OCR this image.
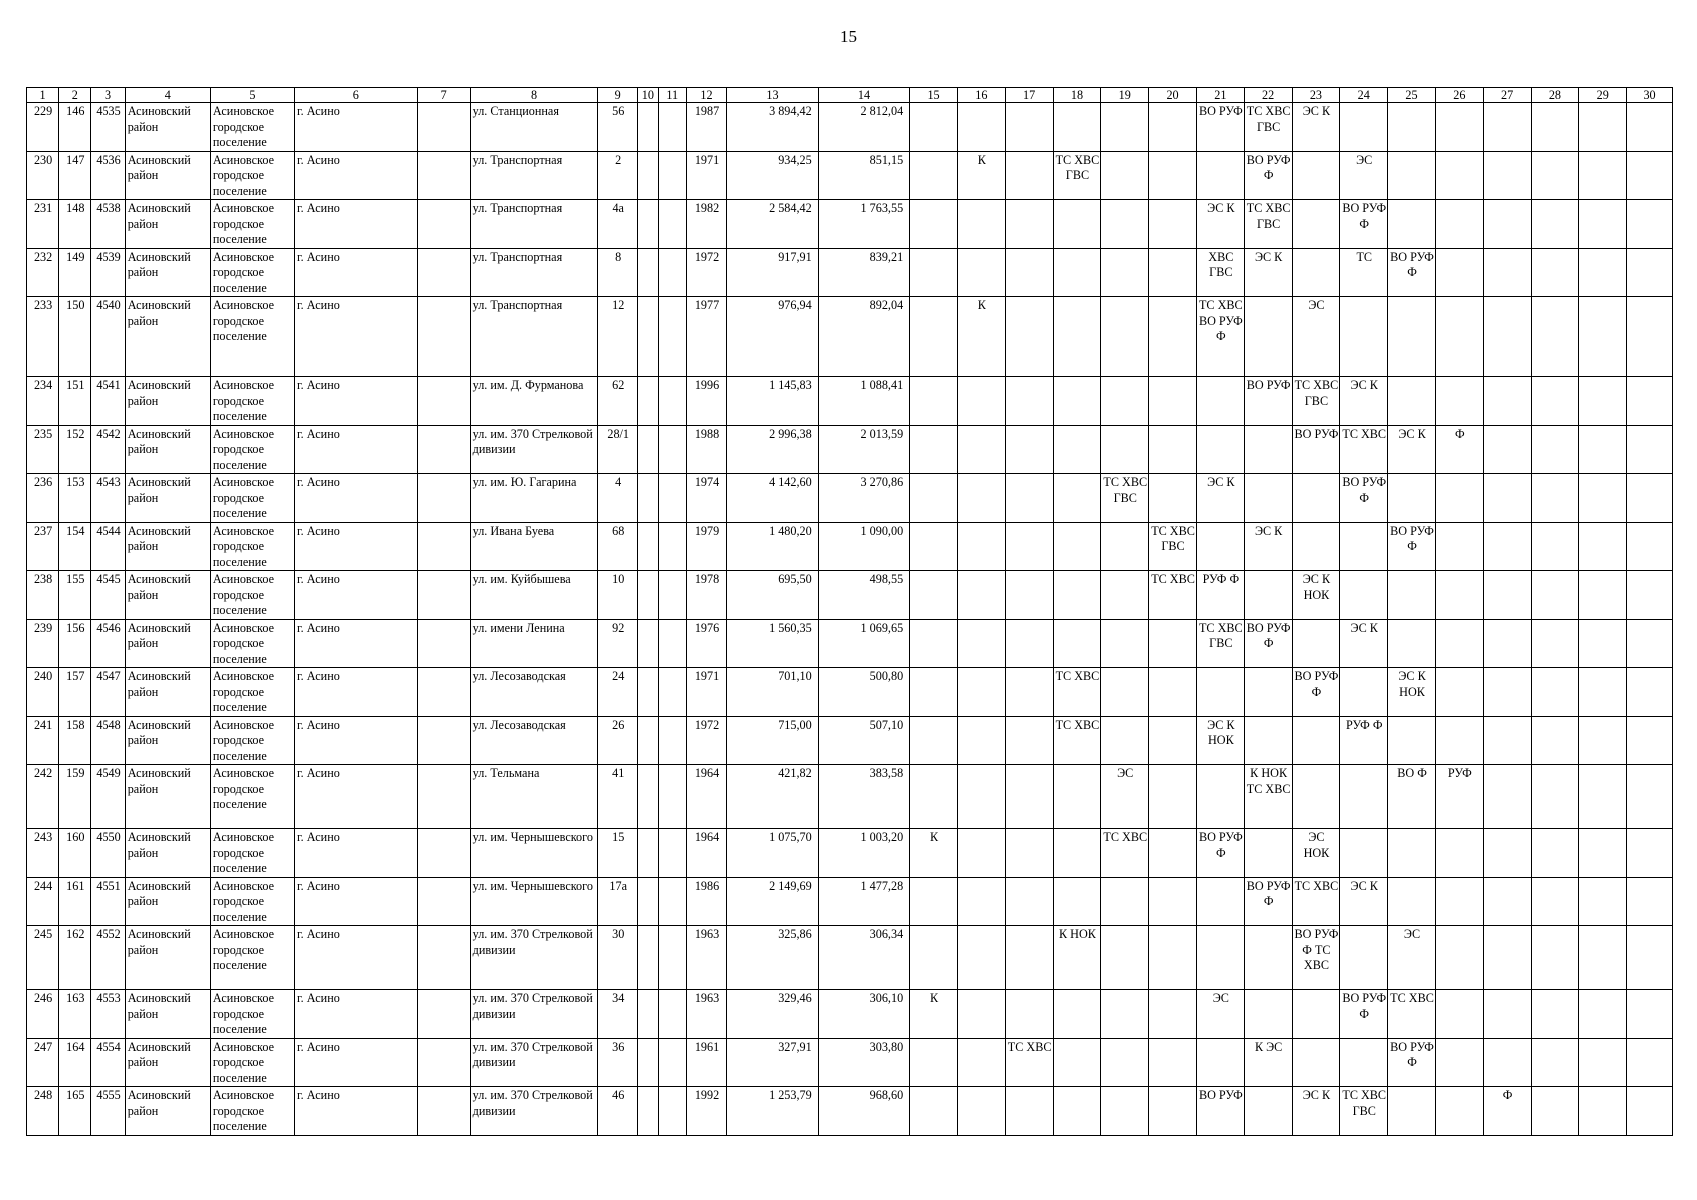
15
1	2	3	4	5	6	7	8	9	10	11	12	13	14	15	16	17	18	19	20	21	22	23	24	25	26	27	28	29	30
229	146	4535	Асиновский район	Асиновское городское поселение	г. Асино		ул. Станционная	56			1987	3 894,42	2 812,04							ВО РУФ	ТС ХВС ГВС	ЭС К							
230	147	4536	Асиновский район	Асиновское городское поселение	г. Асино		ул. Транспортная	2			1971	934,25	851,15		К		ТС ХВС ГВС				ВО РУФ Ф		ЭС						
231	148	4538	Асиновский район	Асиновское городское поселение	г. Асино		ул. Транспортная	4а			1982	2 584,42	1 763,55							ЭС К	ТС ХВС ГВС		ВО РУФ Ф						
232	149	4539	Асиновский район	Асиновское городское поселение	г. Асино		ул. Транспортная	8			1972	917,91	839,21							ХВС ГВС	ЭС К		ТС	ВО РУФ Ф					
233	150	4540	Асиновский район	Асиновское городское поселение	г. Асино		ул. Транспортная	12			1977	976,94	892,04		К					ТС ХВС ВО РУФ Ф		ЭС							
234	151	4541	Асиновский район	Асиновское городское поселение	г. Асино		ул. им. Д. Фурманова	62			1996	1 145,83	1 088,41								ВО РУФ	ТС ХВС ГВС	ЭС К						
235	152	4542	Асиновский район	Асиновское городское поселение	г. Асино		ул. им. 370 Стрелковой дивизии	28/1			1988	2 996,38	2 013,59									ВО РУФ	ТС ХВС	ЭС К	Ф				
236	153	4543	Асиновский район	Асиновское городское поселение	г. Асино		ул. им. Ю. Гагарина	4			1974	4 142,60	3 270,86					ТС ХВС ГВС		ЭС К			ВО РУФ Ф						
237	154	4544	Асиновский район	Асиновское городское поселение	г. Асино		ул. Ивана Буева	68			1979	1 480,20	1 090,00						ТС ХВС ГВС		ЭС К			ВО РУФ Ф					
238	155	4545	Асиновский район	Асиновское городское поселение	г. Асино		ул. им. Куйбышева	10			1978	695,50	498,55						ТС ХВС	РУФ Ф		ЭС К НОК							
239	156	4546	Асиновский район	Асиновское городское поселение	г. Асино		ул. имени Ленина	92			1976	1 560,35	1 069,65							ТС ХВС ГВС	ВО РУФ Ф		ЭС К						
240	157	4547	Асиновский район	Асиновское городское поселение	г. Асино		ул. Лесозаводская	24			1971	701,10	500,80				ТС ХВС					ВО РУФ Ф		ЭС К НОК					
241	158	4548	Асиновский район	Асиновское городское поселение	г. Асино		ул. Лесозаводская	26			1972	715,00	507,10				ТС ХВС			ЭС К НОК			РУФ Ф						
242	159	4549	Асиновский район	Асиновское городское поселение	г. Асино		ул. Тельмана	41			1964	421,82	383,58					ЭС			К НОК ТС ХВС			ВО Ф	РУФ				
243	160	4550	Асиновский район	Асиновское городское поселение	г. Асино		ул. им. Чернышевского	15			1964	1 075,70	1 003,20	К				ТС ХВС		ВО РУФ Ф		ЭС НОК							
244	161	4551	Асиновский район	Асиновское городское поселение	г. Асино		ул. им. Чернышевского	17а			1986	2 149,69	1 477,28								ВО РУФ Ф	ТС ХВС	ЭС К						
245	162	4552	Асиновский район	Асиновское городское поселение	г. Асино		ул. им. 370 Стрелковой дивизии	30			1963	325,86	306,34				К НОК					ВО РУФ Ф ТС ХВС		ЭС					
246	163	4553	Асиновский район	Асиновское городское поселение	г. Асино		ул. им. 370 Стрелковой дивизии	34			1963	329,46	306,10	К						ЭС			ВО РУФ Ф	ТС ХВС					
247	164	4554	Асиновский район	Асиновское городское поселение	г. Асино		ул. им. 370 Стрелковой дивизии	36			1961	327,91	303,80			ТС ХВС					К ЭС			ВО РУФ Ф					
248	165	4555	Асиновский район	Асиновское городское поселение	г. Асино		ул. им. 370 Стрелковой дивизии	46			1992	1 253,79	968,60							ВО РУФ		ЭС К	ТС ХВС ГВС			Ф			
